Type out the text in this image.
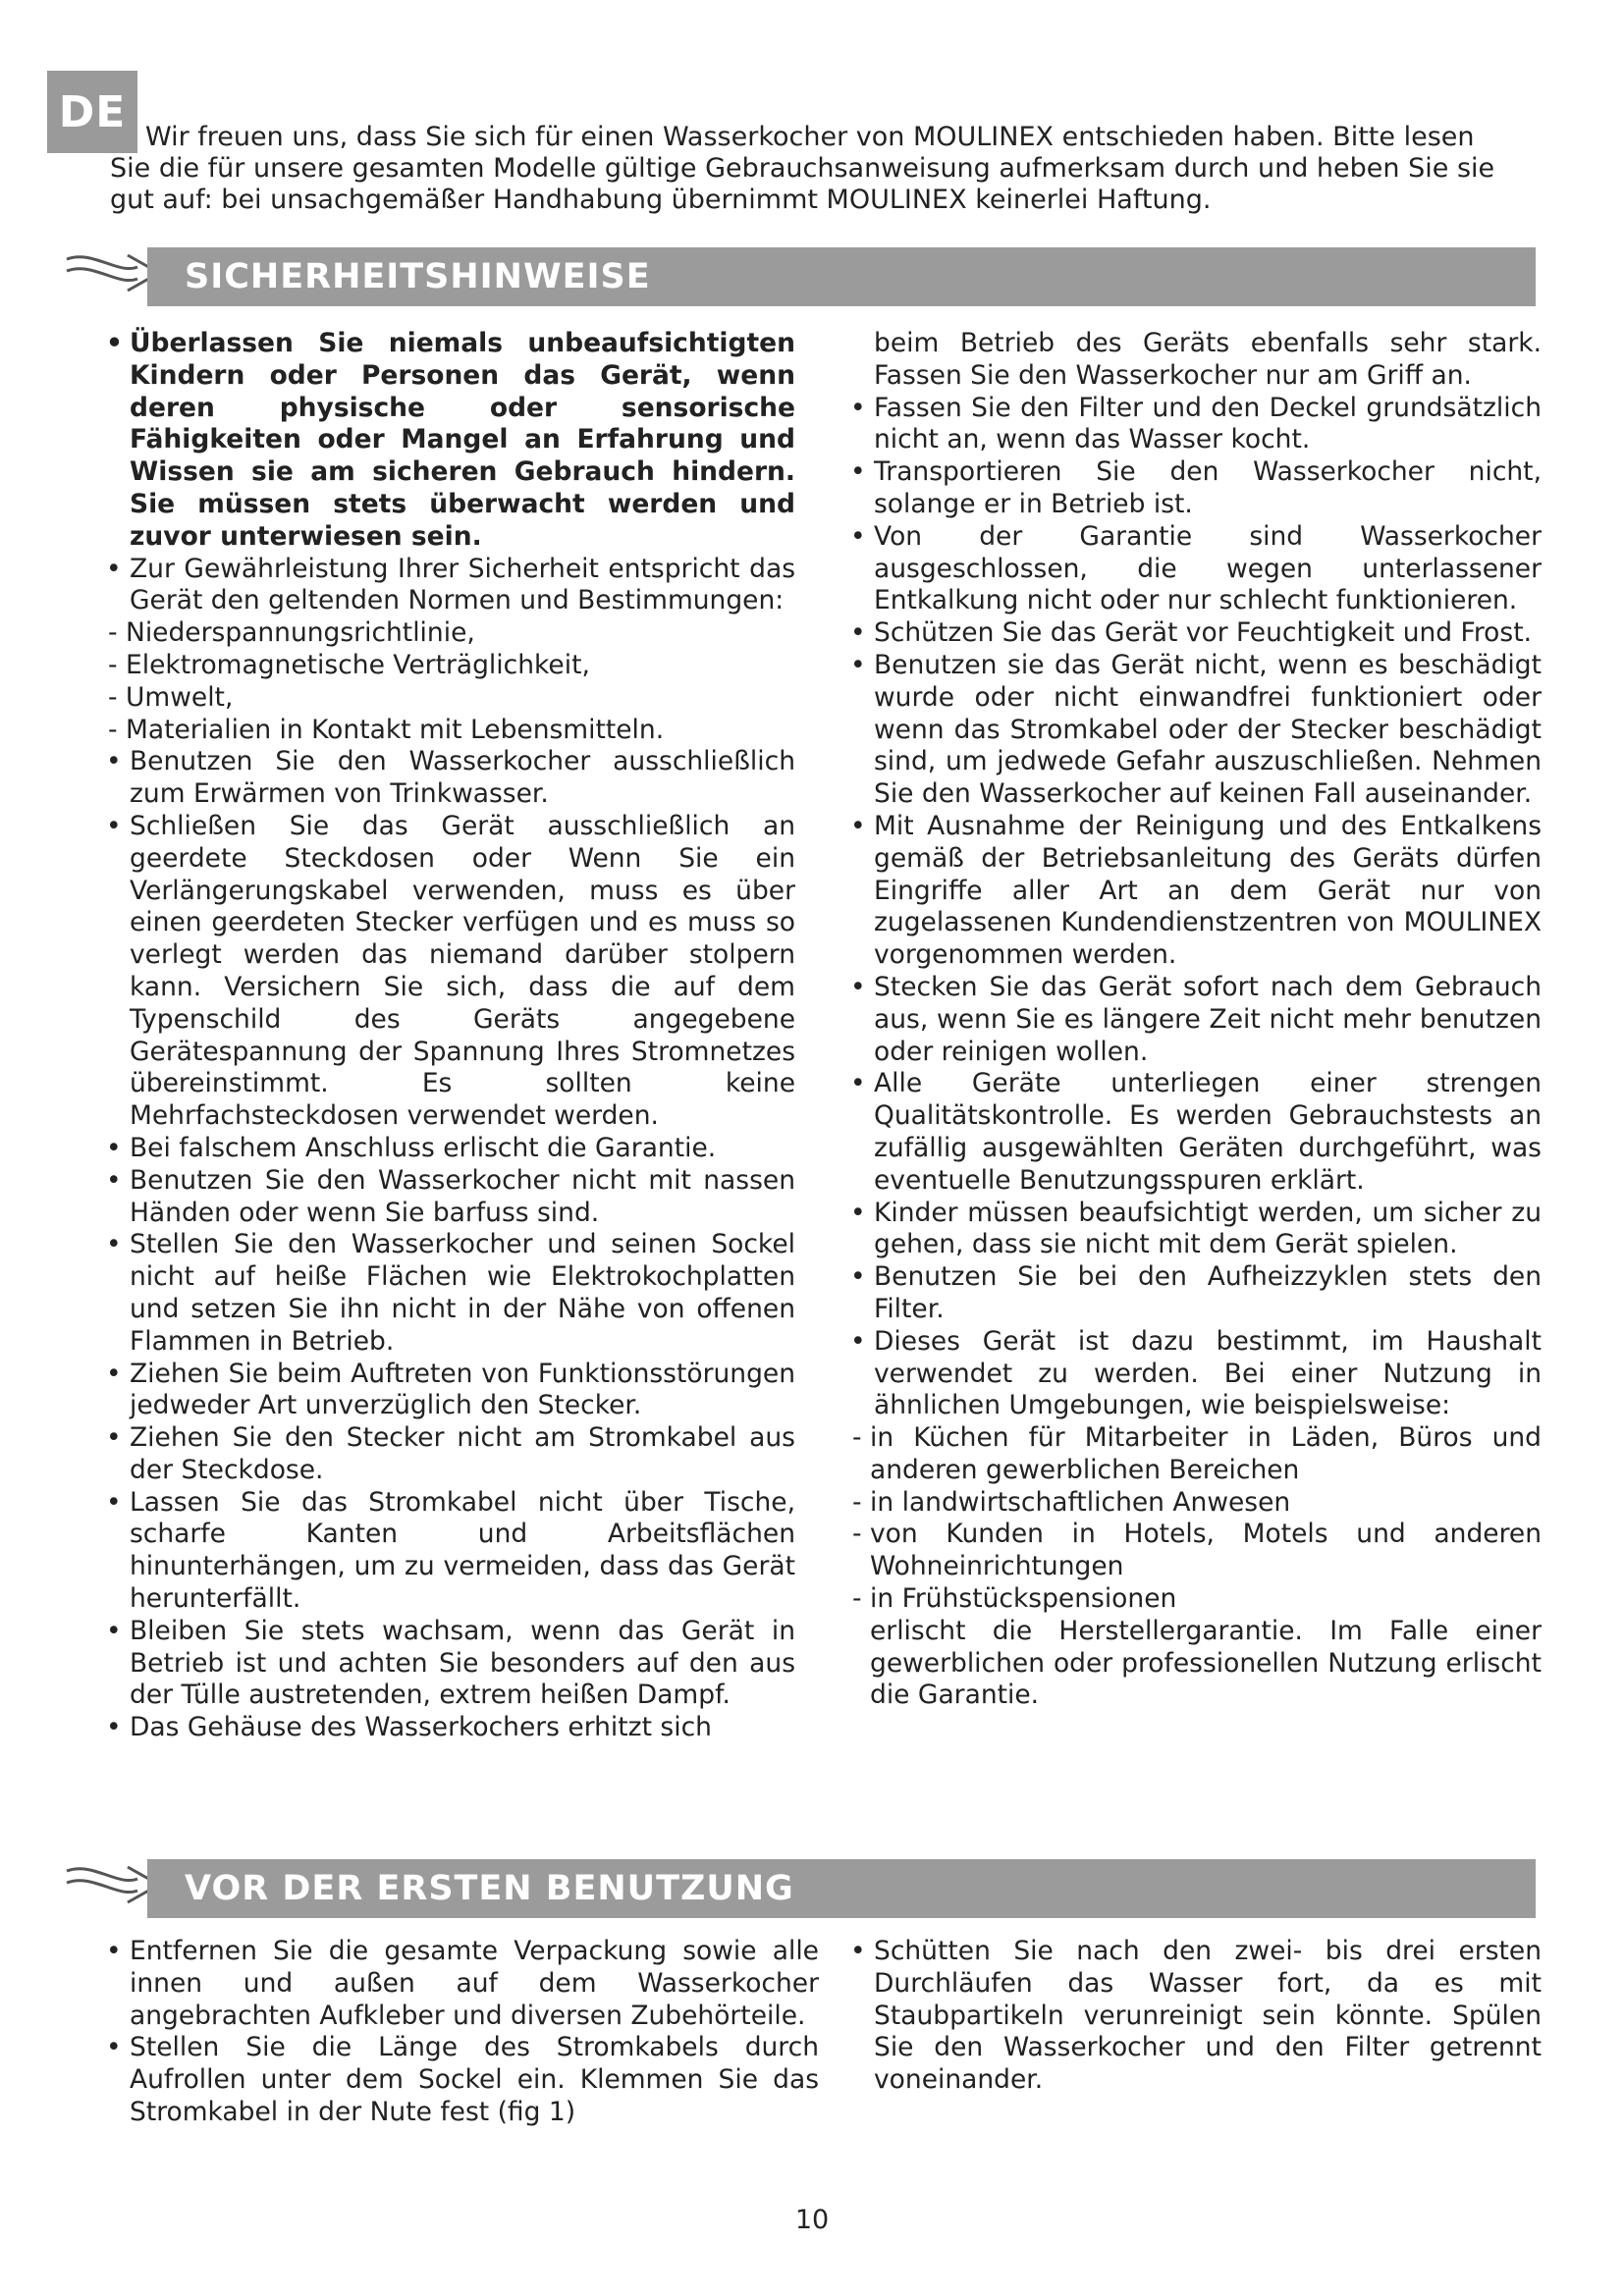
DE Wir freuen uns, dass Sie sich für einen Wasserkocher von MOULINEX entschieden haben. Bitte lesen
Sie die für unsere gesamten Modelle gültige Gebrauchsanweisung aufmerksam durch und heben Sie sie gut auf: bei unsachgemäßer Handhabung übernimmt MOULINEX keinerlei Haftung.
SICHERHEITSHINWEISE
• Überlassen Sie niemals unbeaufsichtigten Kindern oder Personen das Gerät, wenn deren physische oder sensorische Fähigkeiten oder Mangel an Erfahrung und Wissen sie am sicheren Gebrauch hindern. Sie müssen stets überwacht werden und zuvor unterwiesen sein.
• Zur Gewährleistung Ihrer Sicherheit entspricht das Gerät den geltenden Normen und Bestimmungen:
- Niederspannungsrichtlinie,
- Elektromagnetische Verträglichkeit,
- Umwelt,
- Materialien in Kontakt mit Lebensmitteln.
• Benutzen Sie den Wasserkocher ausschließlich zum Erwärmen von Trinkwasser.
• Schließen Sie das Gerät ausschließlich an geerdete Steckdosen oder Wenn Sie ein Verlängerungskabel verwenden, muss es über einen geerdeten Stecker verfügen und es muss so verlegt werden das niemand darüber stolpern kann. Versichern Sie sich, dass die auf dem Typenschild des Geräts angegebene Gerätespannung der Spannung Ihres Stromnetzes übereinstimmt. Es sollten keine Mehrfachsteckdosen verwendet werden.
• Bei falschem Anschluss erlischt die Garantie.
• Benutzen Sie den Wasserkocher nicht mit nassen Händen oder wenn Sie barfuss sind.
• Stellen Sie den Wasserkocher und seinen Sockel nicht auf heiße Flächen wie Elektrokochplatten und setzen Sie ihn nicht in der Nähe von offenen Flammen in Betrieb.
• Ziehen Sie beim Auftreten von Funktionsstörungen jedweder Art unverzüglich den Stecker.
• Ziehen Sie den Stecker nicht am Stromkabel aus der Steckdose.
• Lassen Sie das Stromkabel nicht über Tische, scharfe Kanten und Arbeitsflächen hinunterhängen, um zu vermeiden, dass das Gerät herunterfällt.
• Bleiben Sie stets wachsam, wenn das Gerät in Betrieb ist und achten Sie besonders auf den aus der Tülle austretenden, extrem heißen Dampf.
• Das Gehäuse des Wasserkochers erhitzt sich
beim Betrieb des Geräts ebenfalls sehr stark. Fassen Sie den Wasserkocher nur am Griff an.
• Fassen Sie den Filter und den Deckel grundsätzlich nicht an, wenn das Wasser kocht.
• Transportieren Sie den Wasserkocher nicht, solange er in Betrieb ist.
• Von der Garantie sind Wasserkocher ausgeschlossen, die wegen unterlassener Entkalkung nicht oder nur schlecht funktionieren.
• Schützen Sie das Gerät vor Feuchtigkeit und Frost.
• Benutzen sie das Gerät nicht, wenn es beschädigt wurde oder nicht einwandfrei funktioniert oder wenn das Stromkabel oder der Stecker beschädigt sind, um jedwede Gefahr auszuschließen. Nehmen Sie den Wasserkocher auf keinen Fall auseinander.
• Mit Ausnahme der Reinigung und des Entkalkens gemäß der Betriebsanleitung des Geräts dürfen Eingriffe aller Art an dem Gerät nur von zugelassenen Kundendienstzentren von MOULINEX vorgenommen werden.
• Stecken Sie das Gerät sofort nach dem Gebrauch aus, wenn Sie es längere Zeit nicht mehr benutzen oder reinigen wollen.
• Alle Geräte unterliegen einer strengen Qualitätskontrolle. Es werden Gebrauchstests an zufällig ausgewählten Geräten durchgeführt, was eventuelle Benutzungsspuren erklärt.
• Kinder müssen beaufsichtigt werden, um sicher zu gehen, dass sie nicht mit dem Gerät spielen.
• Benutzen Sie bei den Aufheizzyklen stets den Filter.
• Dieses Gerät ist dazu bestimmt, im Haushalt verwendet zu werden. Bei einer Nutzung in ähnlichen Umgebungen, wie beispielsweise:
- in Küchen für Mitarbeiter in Läden, Büros und anderen gewerblichen Bereichen
- in landwirtschaftlichen Anwesen
- von Kunden in Hotels, Motels und anderen Wohneinrichtungen
- in Frühstückspensionen
erlischt die Herstellergarantie. Im Falle einer gewerblichen oder professionellen Nutzung erlischt die Garantie.
VOR DER ERSTEN BENUTZUNG
• Entfernen Sie die gesamte Verpackung sowie alle innen und außen auf dem Wasserkocher angebrachten Aufkleber und diversen Zubehörteile.
• Stellen Sie die Länge des Stromkabels durch Aufrollen unter dem Sockel ein. Klemmen Sie das Stromkabel in der Nute fest (fig 1)
• Schütten Sie nach den zwei- bis drei ersten Durchläufen das Wasser fort, da es mit Staubpartikeln verunreinigt sein könnte. Spülen Sie den Wasserkocher und den Filter getrennt voneinander.
10
